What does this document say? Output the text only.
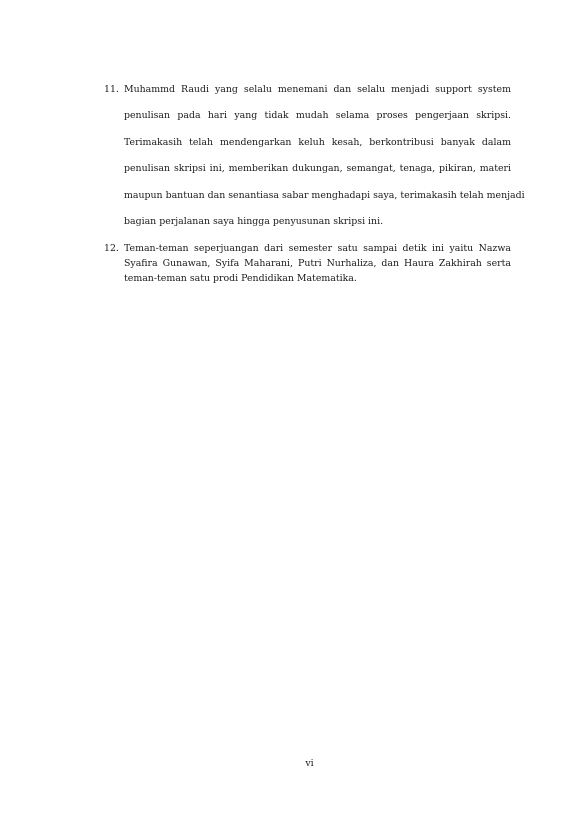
11. Muhammd Raudi yang selalu menemani dan selalu menjadi support system
penulisan pada hari yang tidak mudah selama proses pengerjaan skripsi.
Terimakasih telah mendengarkan keluh kesah, berkontribusi banyak dalam
penulisan skripsi ini, memberikan dukungan, semangat, tenaga, pikiran, materi
maupun bantuan dan senantiasa sabar menghadapi saya, terimakasih telah menjadi
bagian perjalanan saya hingga penyusunan skripsi ini.
12. Teman-teman seperjuangan dari semester satu sampai detik ini yaitu Nazwa
Syafira Gunawan, Syifa Maharani, Putri Nurhaliza, dan Haura Zakhirah serta
teman-teman satu prodi Pendidikan Matematika.
vi
